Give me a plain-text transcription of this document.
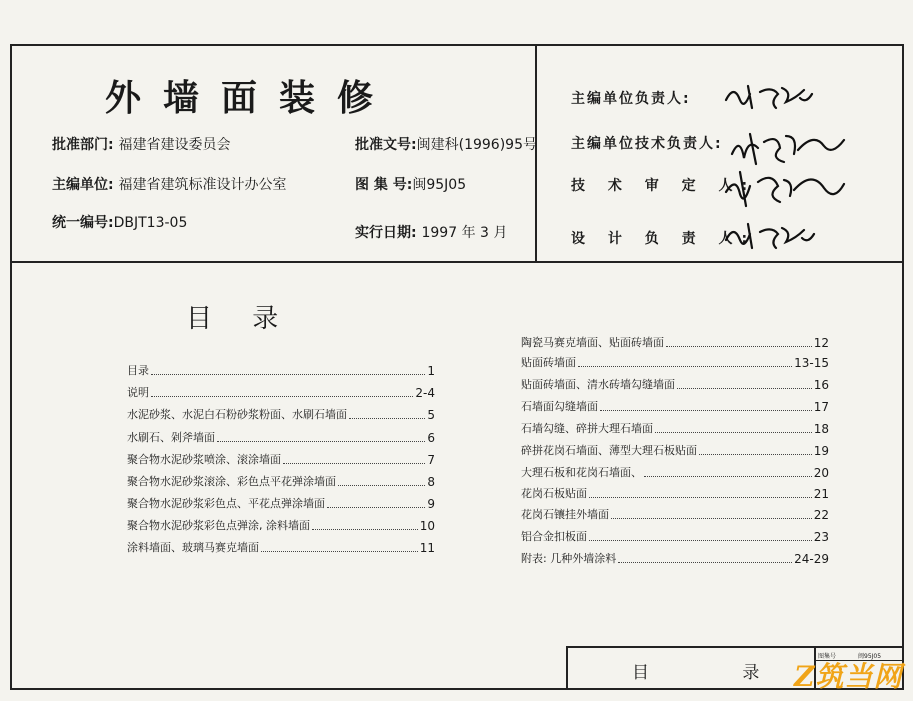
外墙面装修
批准部门: 福建省建设委员会
主编单位: 福建省建筑标准设计办公室
统一编号:DBJT13-05
批准文号:闽建科(1996)95号
图 集 号:闽95J05
实行日期: 1997 年 3 月
主编单位负责人:
主编单位技术负责人:
技 术 审 定 人:
设 计 负 责 人:
目 录
目录	1
说明	2-4
水泥砂浆、水泥白石粉砂浆粉面、水刷石墙面	5
水刷石、剁斧墙面	6
聚合物水泥砂浆喷涂、滚涂墙面	7
聚合物水泥砂浆滚涂、彩色点平花弹涂墙面	8
聚合物水泥砂浆彩色点、平花点弹涂墙面	9
聚合物水泥砂浆彩色点弹涂, 涂料墙面	10
涂料墙面、玻璃马赛克墙面	11
陶瓷马赛克墙面、贴面砖墙面	12
贴面砖墙面	13-15
贴面砖墙面、清水砖墙勾缝墙面	16
石墙面勾缝墙面	17
石墙勾缝、碎拼大理石墙面	18
碎拼花岗石墙面、薄型大理石板贴面	19
大理石板和花岗石墙面、	20
花岗石板贴面	21
花岗石镶挂外墙面	22
铝合金扣板面	23
附表: 几种外墙涂料	24-29
目 录
图集号	闽95J05
Z筑当网
